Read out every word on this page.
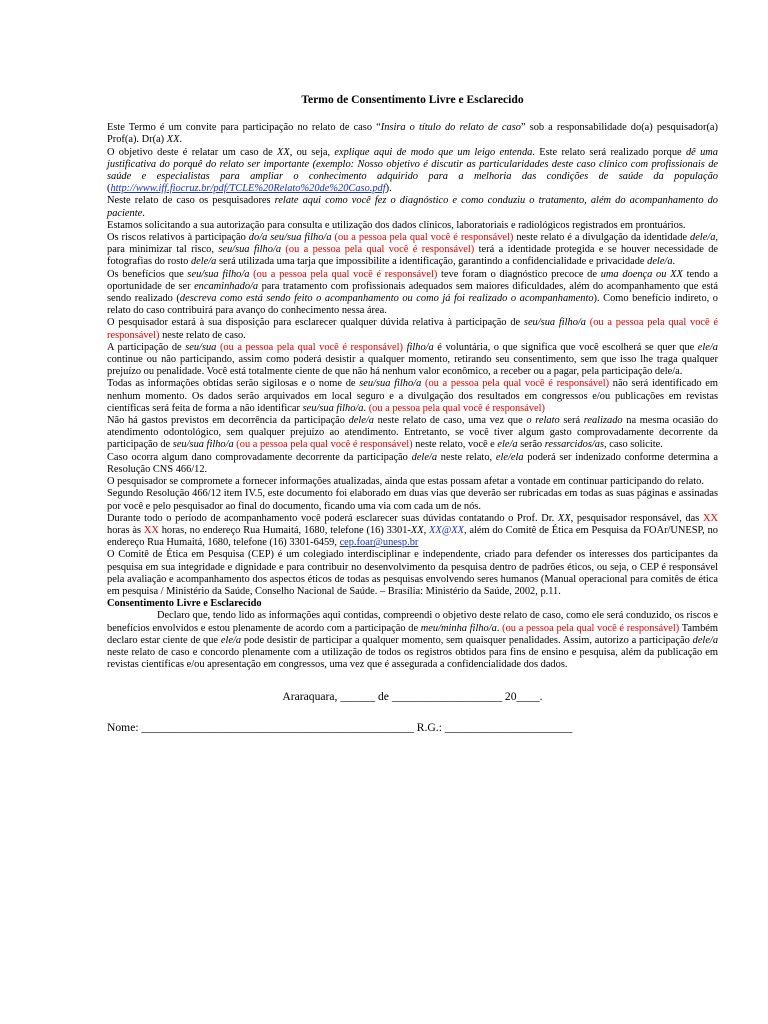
Termo de Consentimento Livre e Esclarecido

Este Termo é um convite para participação no relato de caso “Insira o título do relato de caso” sob a responsabilidade do(a) pesquisador(a) Prof(a). Dr(a) XX.

O objetivo deste é relatar um caso de XX, ou seja, explique aqui de modo que um leigo entenda. Este relato será realizado porque dê uma justificativa do porquê do relato ser importante (exemplo: Nosso objetivo é discutir as particularidades deste caso clínico com profissionais de saúde e especialistas para ampliar o conhecimento adquirido para a melhoria das condições de saúde da população (http://www.iff.fiocruz.br/pdf/TCLE%20Relato%20de%20Caso.pdf).

Neste relato de caso os pesquisadores relate aqui como você fez o diagnóstico e como conduziu o tratamento, além do acompanhamento do paciente.

Estamos solicitando a sua autorização para consulta e utilização dos dados clínicos, laboratoriais e radiológicos registrados em prontuários.

Os riscos relativos à participação do/a seu/sua filho/a (ou a pessoa pela qual você é responsável) neste relato é a divulgação da identidade dele/a, para minimizar tal risco, seu/sua filho/a (ou a pessoa pela qual você é responsável) terá a identidade protegida e se houver necessidade de fotografias do rosto dele/a será utilizada uma tarja que impossibilite a identificação, garantindo a confidencialidade e privacidade dele/a.

Os benefícios que seu/sua filho/a (ou a pessoa pela qual você é responsável) teve foram o diagnóstico precoce de uma doença ou XX tendo a oportunidade de ser encaminhado/a para tratamento com profissionais adequados sem maiores dificuldades, além do acompanhamento que está sendo realizado (descreva como está sendo feito o acompanhamento ou como já foi realizado o acompanhamento). Como benefício indireto, o relato do caso contribuirá para avanço do conhecimento nessa área.

O pesquisador estará à sua disposição para esclarecer qualquer dúvida relativa à participação de seu/sua filho/a (ou a pessoa pela qual você é responsável) neste relato de caso.

A participação de seu/sua (ou a pessoa pela qual você é responsável) filho/a é voluntária, o que significa que você escolherá se quer que ele/a continue ou não participando, assim como poderá desistir a qualquer momento, retirando seu consentimento, sem que isso lhe traga qualquer prejuízo ou penalidade. Você está totalmente ciente de que não há nenhum valor econômico, a receber ou a pagar, pela participação dele/a.

Todas as informações obtidas serão sigilosas e o nome de seu/sua filho/a (ou a pessoa pela qual você é responsável) não será identificado em nenhum momento. Os dados serão arquivados em local seguro e a divulgação dos resultados em congressos e/ou publicações em revistas científicas será feita de forma a não identificar seu/sua filho/a. (ou a pessoa pela qual você é responsável)

Não há gastos previstos em decorrência da participação dele/a neste relato de caso, uma vez que o relato será realizado na mesma ocasião do atendimento odontológico, sem qualquer prejuízo ao atendimento. Entretanto, se você tiver algum gasto comprovadamente decorrente da participação de seu/sua filho/a (ou a pessoa pela qual você é responsável) neste relato, você e ele/a serão ressarcidos/as, caso solicite.

Caso ocorra algum dano comprovadamente decorrente da participação dele/a neste relato, ele/ela poderá ser indenizado conforme determina a Resolução CNS 466/12.

O pesquisador se compromete a fornecer informações atualizadas, ainda que estas possam afetar a vontade em continuar participando do relato.

Segundo Resolução 466/12 item IV.5, este documento foi elaborado em duas vias que deverão ser rubricadas em todas as suas páginas e assinadas por você e pelo pesquisador ao final do documento, ficando uma via com cada um de nós.

Durante todo o período de acompanhamento você poderá esclarecer suas dúvidas contatando o Prof. Dr. XX, pesquisador responsável, das XX horas às XX horas, no endereço Rua Humaitá, 1680, telefone (16) 3301-XX, XX@XX, além do Comitê de Ética em Pesquisa da FOAr/UNESP, no endereço Rua Humaitá, 1680, telefone (16) 3301-6459, cep.foar@unesp.br

O Comitê de Ética em Pesquisa (CEP) é um colegiado interdisciplinar e independente, criado para defender os interesses dos participantes da pesquisa em sua integridade e dignidade e para contribuir no desenvolvimento da pesquisa dentro de padrões éticos, ou seja, o CEP é responsável pela avaliação e acompanhamento dos aspectos éticos de todas as pesquisas envolvendo seres humanos (Manual operacional para comitês de ética em pesquisa / Ministério da Saúde, Conselho Nacional de Saúde. – Brasília: Ministério da Saúde, 2002, p.11.

Consentimento Livre e Esclarecido

Declaro que, tendo lido as informações aqui contidas, compreendi o objetivo deste relato de caso, como ele será conduzido, os riscos e benefícios envolvidos e estou plenamente de acordo com a participação de meu/minha filho/a. (ou a pessoa pela qual você é responsável) Também declaro estar ciente de que ele/a pode desistir de participar a qualquer momento, sem quaisquer penalidades. Assim, autorizo a participação dele/a neste relato de caso e concordo plenamente com a utilização de todos os registros obtidos para fins de ensino e pesquisa, além da publicação em revistas científicas e/ou apresentação em congressos, uma vez que é assegurada a confidencialidade dos dados.

Araraquara, ______ de ___________________ 20____.

Nome: _______________________________________________ R.G.: ______________________
